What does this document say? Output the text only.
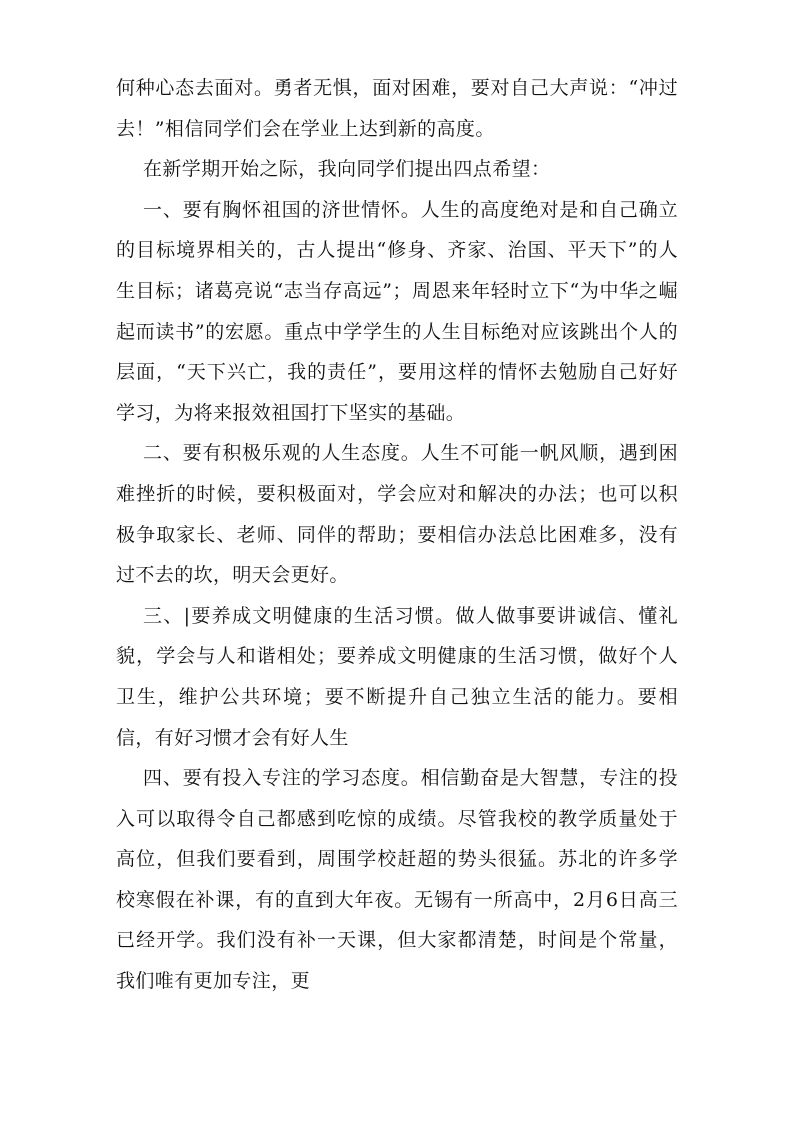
何种心态去面对。勇者无惧，面对困难，要对自己大声说：“冲过去！”相信同学们会在学业上达到新的高度。

在新学期开始之际，我向同学们提出四点希望：

一、要有胸怀祖国的济世情怀。人生的高度绝对是和自己确立的目标境界相关的，古人提出“修身、齐家、治国、平天下”的人生目标；诸葛亮说“志当存高远”；周恩来年轻时立下“为中华之崛起而读书”的宏愿。重点中学学生的人生目标绝对应该跳出个人的层面，“天下兴亡，我的责任”，要用这样的情怀去勉励自己好好学习，为将来报效祖国打下坚实的基础。

二、要有积极乐观的人生态度。人生不可能一帆风顺，遇到困难挫折的时候，要积极面对，学会应对和解决的办法；也可以积极争取家长、老师、同伴的帮助；要相信办法总比困难多，没有过不去的坎，明天会更好。

三、|要养成文明健康的生活习惯。做人做事要讲诚信、懂礼貌，学会与人和谐相处；要养成文明健康的生活习惯，做好个人卫生，维护公共环境；要不断提升自己独立生活的能力。要相信，有好习惯才会有好人生

四、要有投入专注的学习态度。相信勤奋是大智慧，专注的投入可以取得令自己都感到吃惊的成绩。尽管我校的教学质量处于高位，但我们要看到，周围学校赶超的势头很猛。苏北的许多学校寒假在补课，有的直到大年夜。无锡有一所高中，2月6日高三已经开学。我们没有补一天课，但大家都清楚，时间是个常量，我们唯有更加专注，更
